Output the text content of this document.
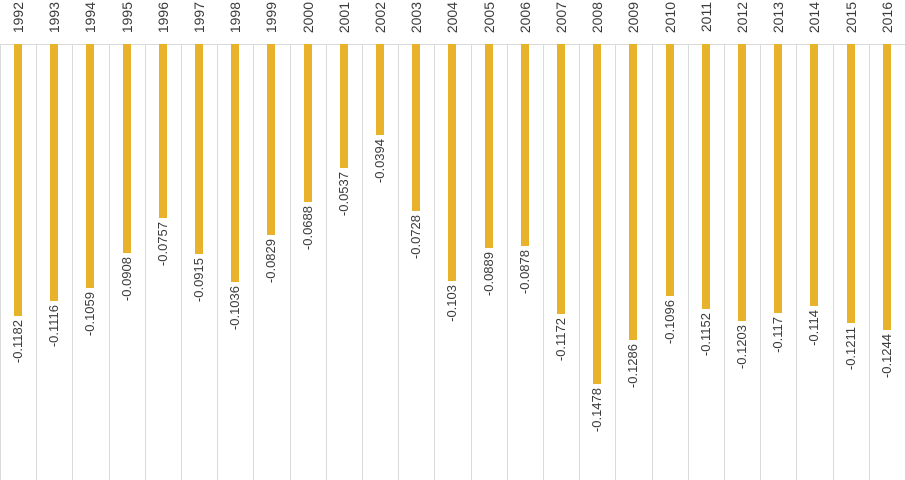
1992
-0.1182
1993
-0.1116
1994
-0.1059
1995
-0.0908
1996
-0.0757
1997
-0.0915
1998
-0.1036
1999
-0.0829
2000
-0.0688
2001
-0.0537
2002
-0.0394
2003
-0.0728
2004
-0.103
2005
-0.0889
2006
-0.0878
2007
-0.1172
2008
-0.1478
2009
-0.1286
2010
-0.1096
2011
-0.1152
2012
-0.1203
2013
-0.117
2014
-0.114
2015
-0.1211
2016
-0.1244
